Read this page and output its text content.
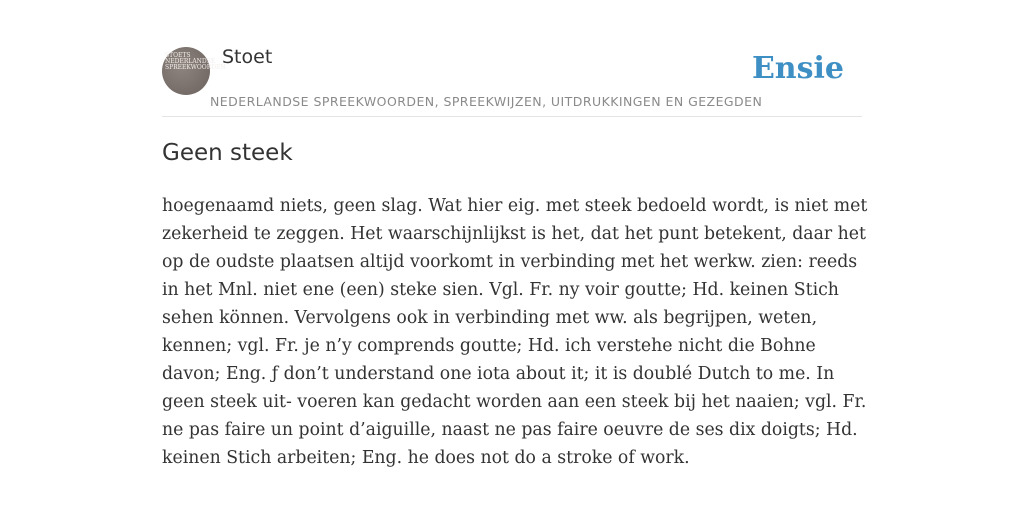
STOETS
NEDERLANDSE
SPREEKWOORDEN
Stoet
NEDERLANDSE SPREEKWOORDEN, SPREEKWIJZEN, UITDRUKKINGEN EN GEZEGDEN
Ensie
Geen steek

hoegenaamd niets, geen slag. Wat hier eig. met steek bedoeld wordt, is niet met zekerheid te zeggen. Het waarschijnlijkst is het, dat het punt betekent, daar het op de oudste plaatsen altijd voorkomt in verbinding met het werkw. zien: reeds in het Mnl. niet ene (een) steke sien. Vgl. Fr. ny voir goutte; Hd. keinen Stich sehen können. Vervolgens ook in verbinding met ww. als begrijpen, weten, kennen; vgl. Fr. je n’y comprends goutte; Hd. ich verstehe nicht die Bohne davon; Eng. ƒ don’t understand one iota about it; it is doublé Dutch to me. In geen steek uit- voeren kan gedacht worden aan een steek bij het naaien; vgl. Fr. ne pas faire un point d’aiguille, naast ne pas faire oeuvre de ses dix doigts; Hd. keinen Stich arbeiten; Eng. he does not do a stroke of work.
